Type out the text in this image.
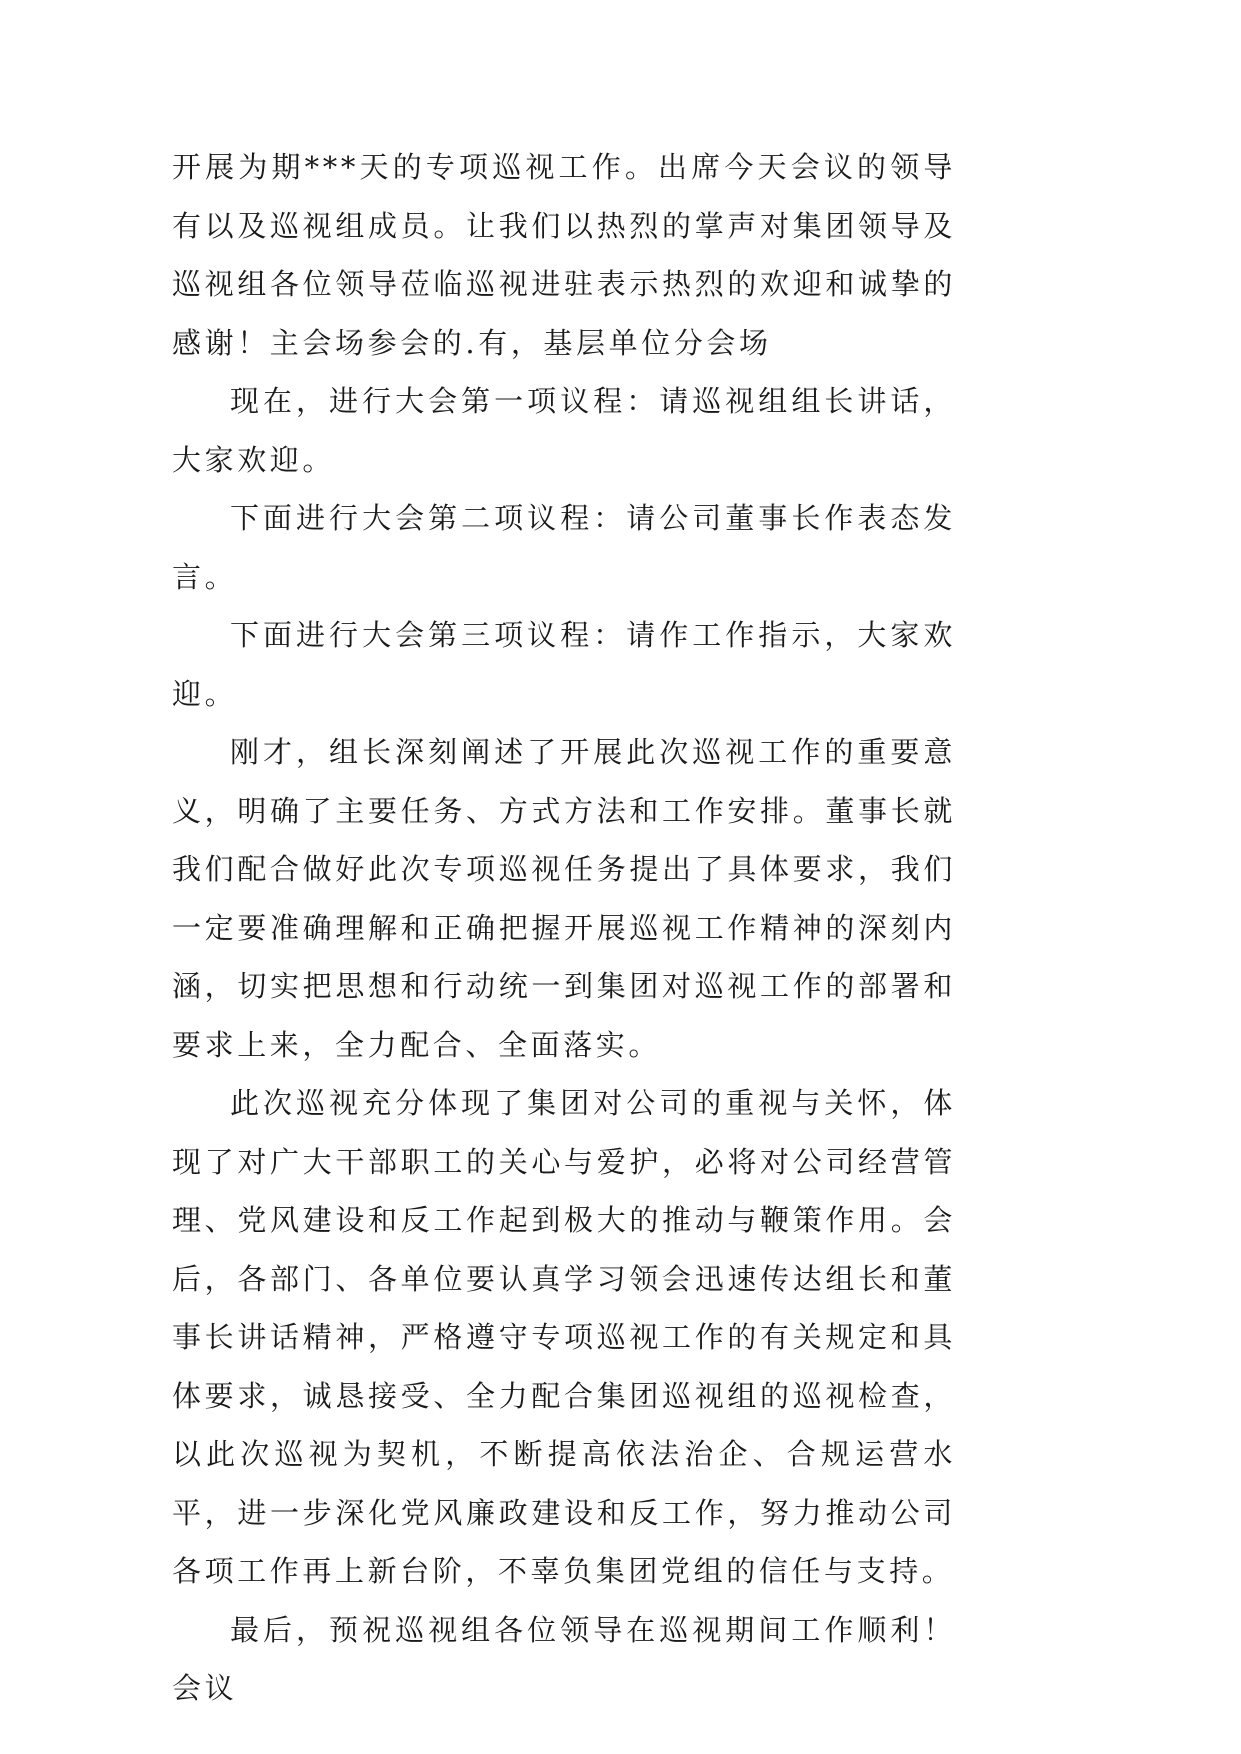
开展为期***天的专项巡视工作。出席今天会议的领导有以及巡视组成员。让我们以热烈的掌声对集团领导及巡视组各位领导莅临巡视进驻表示热烈的欢迎和诚挚的感谢！主会场参会的.有，基层单位分会场

现在，进行大会第一项议程：请巡视组组长讲话，大家欢迎。

下面进行大会第二项议程：请公司董事长作表态发言。

下面进行大会第三项议程：请作工作指示，大家欢迎。

刚才，组长深刻阐述了开展此次巡视工作的重要意义，明确了主要任务、方式方法和工作安排。董事长就我们配合做好此次专项巡视任务提出了具体要求，我们一定要准确理解和正确把握开展巡视工作精神的深刻内涵，切实把思想和行动统一到集团对巡视工作的部署和要求上来，全力配合、全面落实。

此次巡视充分体现了集团对公司的重视与关怀，体现了对广大干部职工的关心与爱护，必将对公司经营管理、党风建设和反工作起到极大的推动与鞭策作用。会后，各部门、各单位要认真学习领会迅速传达组长和董事长讲话精神，严格遵守专项巡视工作的有关规定和具体要求，诚恳接受、全力配合集团巡视组的巡视检查，以此次巡视为契机，不断提高依法治企、合规运营水平，进一步深化党风廉政建设和反工作，努力推动公司各项工作再上新台阶，不辜负集团党组的信任与支持。

最后，预祝巡视组各位领导在巡视期间工作顺利！会议
